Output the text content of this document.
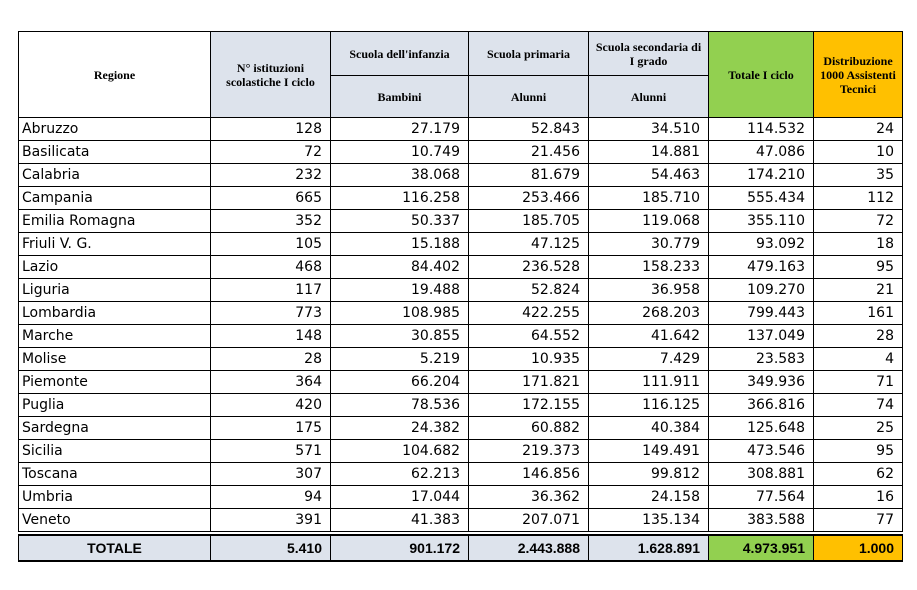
Regione	N° istituzioni scolastiche I ciclo	Scuola dell'infanzia	Scuola primaria	Scuola secondaria di I grado	Totale I ciclo	Distribuzione 1000 Assistenti Tecnici
		Bambini	Alunni	Alunni		
Abruzzo	128	27.179	52.843	34.510	114.532	24
Basilicata	72	10.749	21.456	14.881	47.086	10
Calabria	232	38.068	81.679	54.463	174.210	35
Campania	665	116.258	253.466	185.710	555.434	112
Emilia Romagna	352	50.337	185.705	119.068	355.110	72
Friuli V. G.	105	15.188	47.125	30.779	93.092	18
Lazio	468	84.402	236.528	158.233	479.163	95
Liguria	117	19.488	52.824	36.958	109.270	21
Lombardia	773	108.985	422.255	268.203	799.443	161
Marche	148	30.855	64.552	41.642	137.049	28
Molise	28	5.219	10.935	7.429	23.583	4
Piemonte	364	66.204	171.821	111.911	349.936	71
Puglia	420	78.536	172.155	116.125	366.816	74
Sardegna	175	24.382	60.882	40.384	125.648	25
Sicilia	571	104.682	219.373	149.491	473.546	95
Toscana	307	62.213	146.856	99.812	308.881	62
Umbria	94	17.044	36.362	24.158	77.564	16
Veneto	391	41.383	207.071	135.134	383.588	77

TOTALE	5.410	901.172	2.443.888	1.628.891	4.973.951	1.000
